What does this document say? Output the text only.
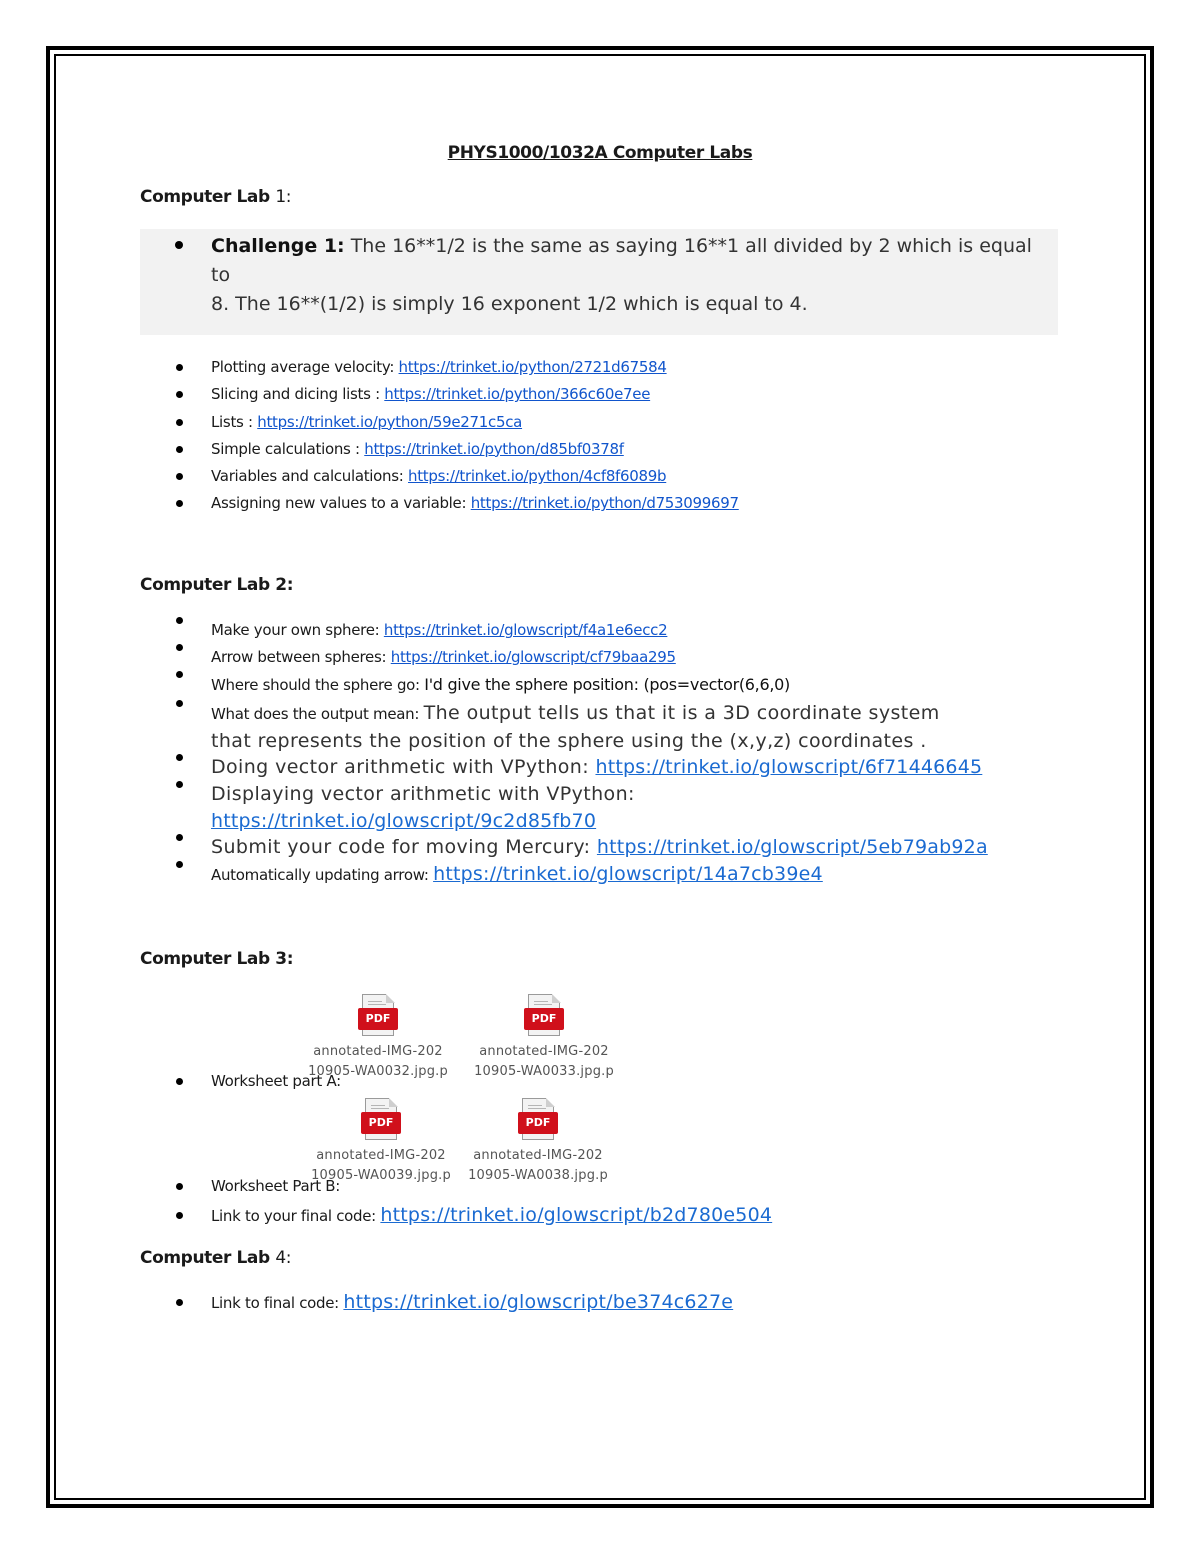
PHYS1000/1032A Computer Labs
Computer Lab 1:
Challenge 1: The 16**1/2 is the same as saying 16**1 all divided by 2 which is equal to
8. The 16**(1/2) is simply 16 exponent 1/2 which is equal to 4.
Plotting average velocity: https://trinket.io/python/2721d67584
Slicing and dicing lists : https://trinket.io/python/366c60e7ee
Lists : https://trinket.io/python/59e271c5ca
Simple calculations : https://trinket.io/python/d85bf0378f
Variables and calculations: https://trinket.io/python/4cf8f6089b
Assigning new values to a variable: https://trinket.io/python/d753099697
Computer Lab 2:
Make your own sphere: https://trinket.io/glowscript/f4a1e6ecc2
Arrow between spheres: https://trinket.io/glowscript/cf79baa295
Where should the sphere go: I'd give the sphere position: (pos=vector(6,6,0)
What does the output mean: The output tells us that it is a 3D coordinate system
that represents the position of the sphere using the (x,y,z) coordinates .
Doing vector arithmetic with VPython: https://trinket.io/glowscript/6f71446645
Displaying vector arithmetic with VPython:
https://trinket.io/glowscript/9c2d85fb70
Submit your code for moving Mercury: https://trinket.io/glowscript/5eb79ab92a
Automatically updating arrow: https://trinket.io/glowscript/14a7cb39e4
Computer Lab 3:
PDF
annotated-IMG-202
10905-WA0032.jpg.p
PDF
annotated-IMG-202
10905-WA0033.jpg.p
Worksheet part A:
PDF
annotated-IMG-202
10905-WA0039.jpg.p
PDF
annotated-IMG-202
10905-WA0038.jpg.p
Worksheet Part B:
Link to your final code: https://trinket.io/glowscript/b2d780e504
Computer Lab 4:
Link to final code: https://trinket.io/glowscript/be374c627e
